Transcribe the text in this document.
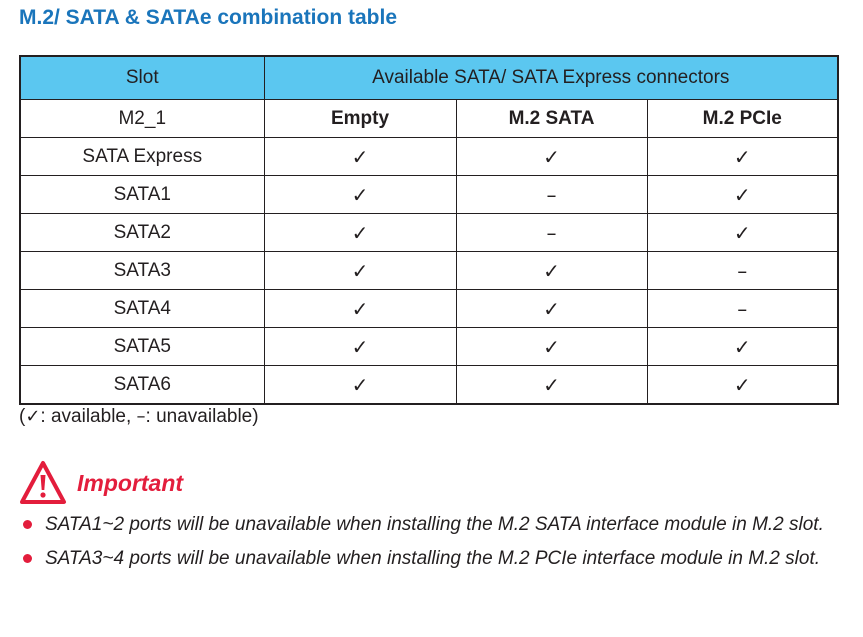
M.2/ SATA & SATAe combination table
Slot	Available SATA/ SATA Express connectors		
M2_1	Empty	M.2 SATA	M.2 PCIe
SATA Express	✓	✓	✓
SATA1	✓	–	✓
SATA2	✓	–	✓
SATA3	✓	✓	–
SATA4	✓	✓	–
SATA5	✓	✓	✓
SATA6	✓	✓	✓
(✓: available, –: unavailable)
Important
SATA1~2 ports will be unavailable when installing the M.2 SATA interface module in M.2 slot.
SATA3~4 ports will be unavailable when installing the M.2 PCIe interface module in M.2 slot.
